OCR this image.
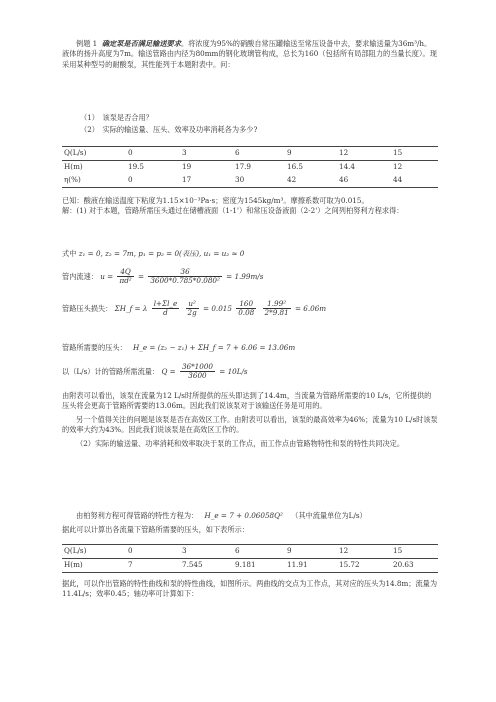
例题 1 确定泵是否满足输送要求。将浓度为95%的硝酸自常压罐输送至常压设备中去，要求输送量为36m³/h。液体的扬升高度为7m。输送管路由内径为80mm的钢化玻璃管构成，总长为160（包括所有局部阻力的当量长度）。现采用某种型号的耐酸泵，其性能列于本题附表中。问：

（1）　该泵是否合用？

（2）　实际的输送量、压头、效率及功率消耗各为多少?

Q(L/s)	0	3	6	9	12	15
H(m)	19.5	19	17.9	16.5	14.4	12
η(%)	0	17	30	42	46	44

已知：酸液在输送温度下粘度为1.15×10⁻³Pa·s；密度为1545kg/m³。摩擦系数可取为0.015。

解：(1) 对于本题，管路所需压头通过在储槽液面（1-1'）和常压设备液面（2-2'）之间列柏努利方程求得：

式中 z₁ = 0, z₂ = 7m, p₁ = p₂ = 0(表压), u₁ = u₂ ≈ 0
管内流速： $u = \frac{4Q}{\text{πd²}} = \frac{36}{\text{3600*0.785*0.080²}} = 1.99m/s$
管路压头损失： ΣH_f = λ $\frac{l+\Sigma l\_e}{d}$
$\frac{\text{u²}}{2g} = 0.015 \frac{160}{0.08}$
$\frac{\text{1.99²}}{2*9.81} = 6.06m$
管路所需要的压头： H_e = (z₂ − z₁) + ΣH_f = 7 + 6.06 = 13.06m
以（L/s）计的管路所需流量： $Q = \frac{36*1000}{3600} = 10L/s$

由附表可以看出，该泵在流量为12 L/s时所提供的压头即达到了14.4m，当流量为管路所需要的10 L/s，它所提供的压头将会更高于管路所需要的13.06m。因此我们说该泵对于该输送任务是可用的。

另一个值得关注的问题是该泵是否在高效区工作。由附表可以看出，该泵的最高效率为46%；流量为10 L/s时该泵的效率大约为43%。因此我们说该泵是在高效区工作的。

（2）实际的输送量、功率消耗和效率取决于泵的工作点，而工作点由管路物特性和泵的特性共同决定。

由柏努利方程可得管路的特性方程为： H_e = 7 + 0.06058Q² （其中流量单位为L/s）

据此可以计算出各流量下管路所需要的压头，如下表所示：

Q(L/s)	0	3	6	9	12	15
H(m)	7	7.545	9.181	11.91	15.72	20.63

据此，可以作出管路的特性曲线和泵的特性曲线，如图所示。两曲线的交点为工作点，其对应的压头为14.8m；流量为11.4L/s；效率0.45；轴功率可计算如下：
